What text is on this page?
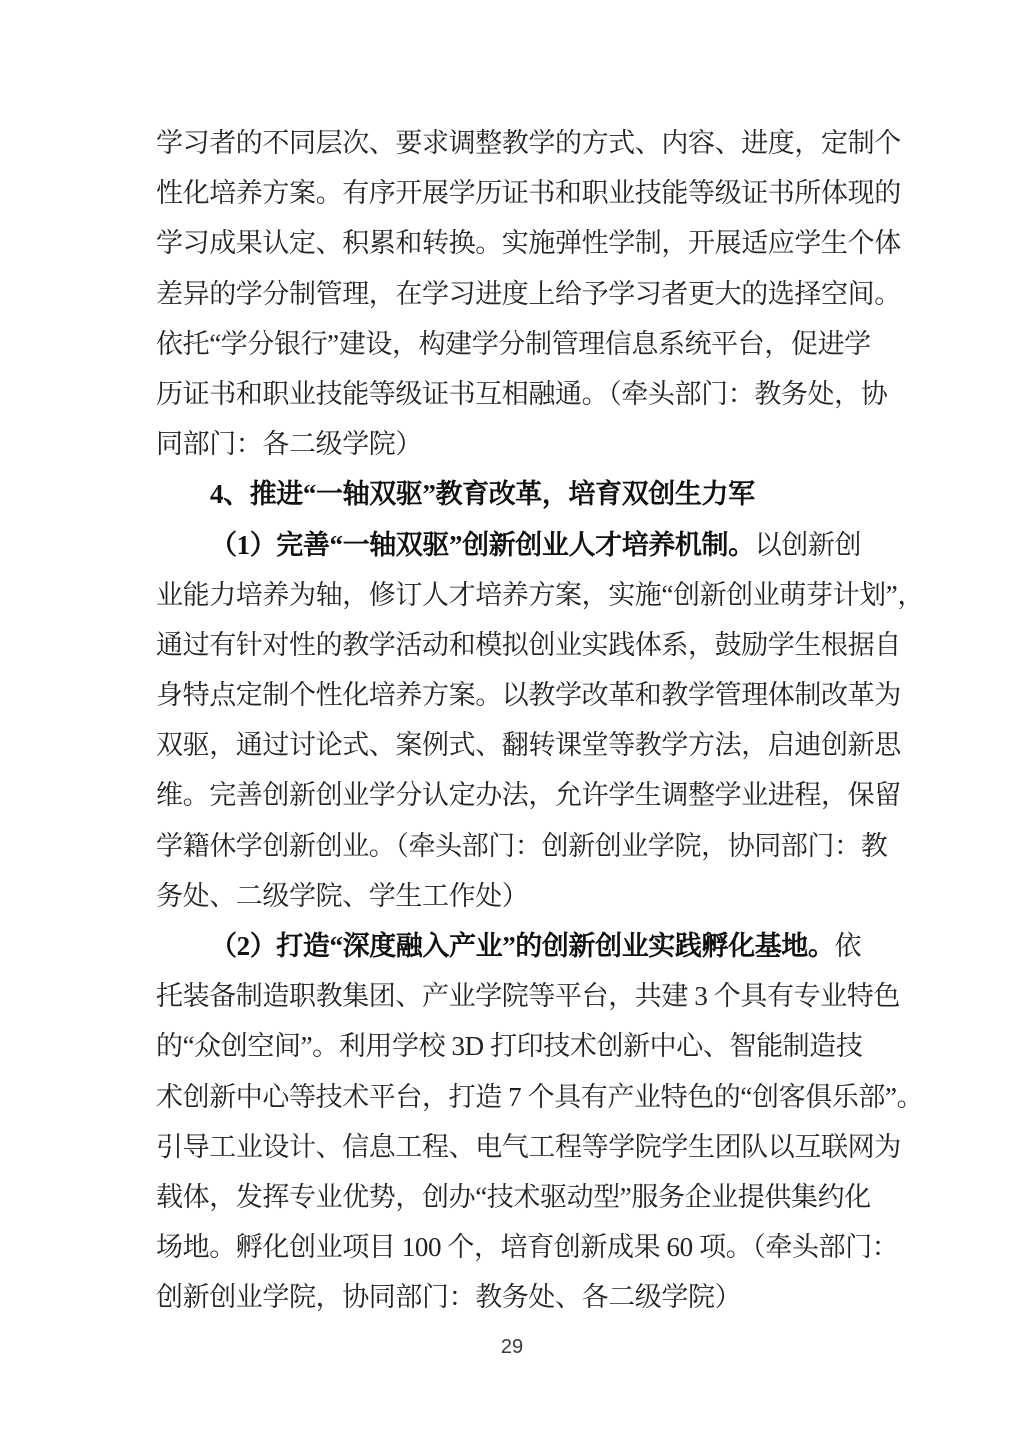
学习者的不同层次、要求调整教学的方式、内容、进度，定制个
性化培养方案。有序开展学历证书和职业技能等级证书所体现的
学习成果认定、积累和转换。实施弹性学制，开展适应学生个体
差异的学分制管理，在学习进度上给予学习者更大的选择空间。
依托“学分银行”建设，构建学分制管理信息系统平台，促进学
历证书和职业技能等级证书互相融通。（牵头部门：教务处，协
同部门：各二级学院）
4、推进“一轴双驱”教育改革，培育双创生力军
（1）完善“一轴双驱”创新创业人才培养机制。以创新创
业能力培养为轴，修订人才培养方案，实施“创新创业萌芽计划”，
通过有针对性的教学活动和模拟创业实践体系，鼓励学生根据自
身特点定制个性化培养方案。以教学改革和教学管理体制改革为
双驱，通过讨论式、案例式、翻转课堂等教学方法，启迪创新思
维。完善创新创业学分认定办法，允许学生调整学业进程，保留
学籍休学创新创业。（牵头部门：创新创业学院，协同部门：教
务处、二级学院、学生工作处）
（2）打造“深度融入产业”的创新创业实践孵化基地。依
托装备制造职教集团、产业学院等平台，共建 3 个具有专业特色
的“众创空间”。利用学校 3D 打印技术创新中心、智能制造技
术创新中心等技术平台，打造 7 个具有产业特色的“创客俱乐部”。
引导工业设计、信息工程、电气工程等学院学生团队以互联网为
载体，发挥专业优势，创办“技术驱动型”服务企业提供集约化
场地。孵化创业项目 100 个，培育创新成果 60 项。（牵头部门：
创新创业学院，协同部门：教务处、各二级学院）
29
